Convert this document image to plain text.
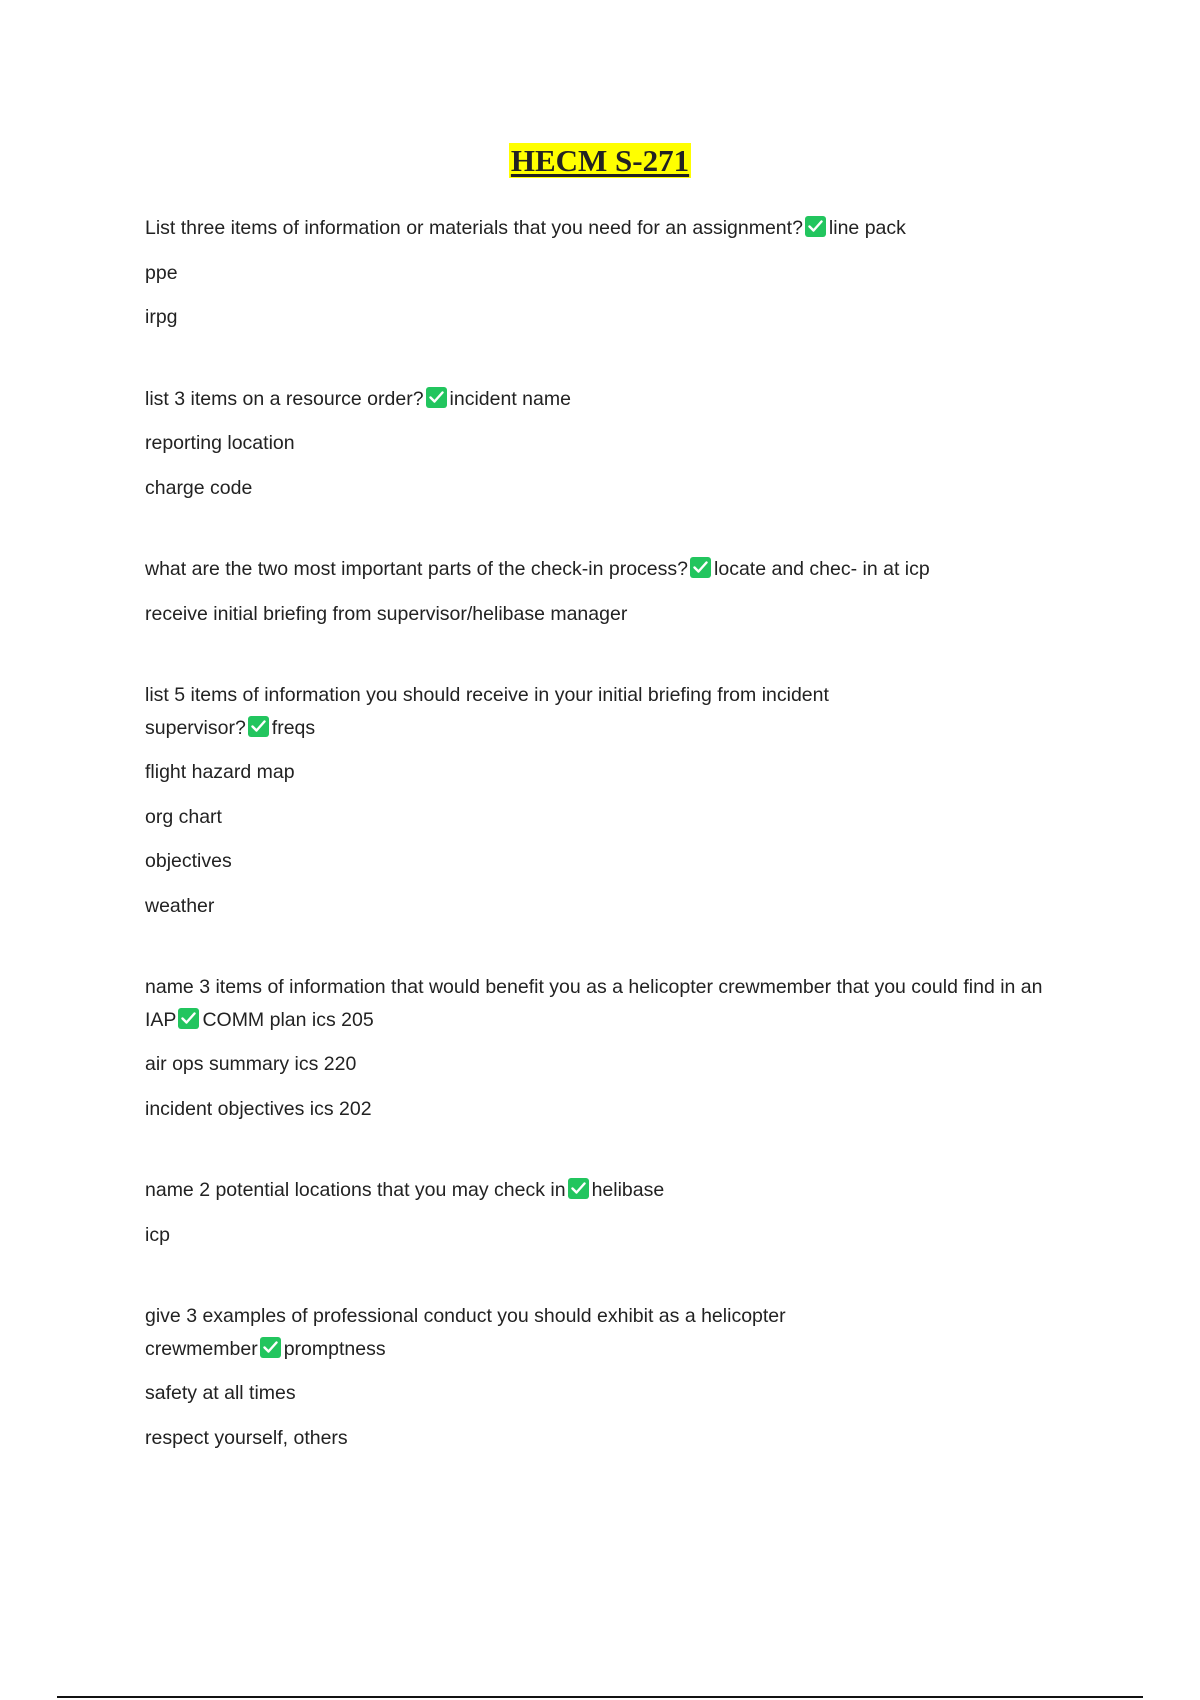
HECM S-271

List three items of information or materials that you need for an assignment? line pack

ppe

irpg

list 3 items on a resource order? incident name

reporting location

charge code

what are the two most important parts of the check-in process? locate and chec- in at icp

receive initial briefing from supervisor/helibase manager

list 5 items of information you should receive in your initial briefing from incident supervisor? freqs

flight hazard map

org chart

objectives

weather

name 3 items of information that would benefit you as a helicopter crewmember that you could find in an IAP COMM plan ics 205

air ops summary ics 220

incident objectives ics 202

name 2 potential locations that you may check in helibase

icp

give 3 examples of professional conduct you should exhibit as a helicopter crewmember promptness

safety at all times

respect yourself, others
